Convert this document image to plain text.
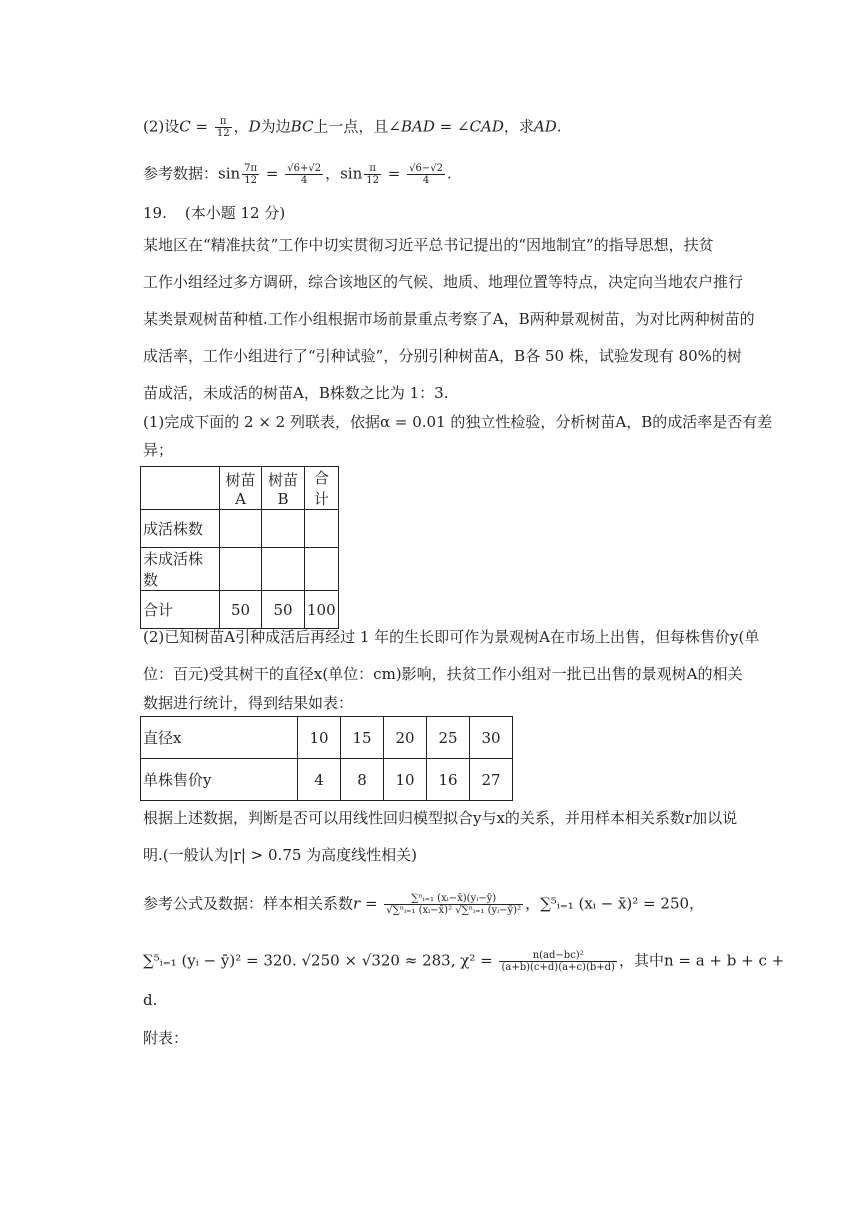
(2)设$C = \frac{\pi}{12}$ ，D为边BC上一点，且∠BAD = ∠CAD，求AD.
参考数据：$\sin \frac{7\pi}{12} = \frac{√6+√2}{4}$ ，$\sin \frac{\pi}{12} = \frac{√6-√2}{4}$ .
19. (本小题 12 分)
某地区在“精准扶贫”工作中切实贯彻习近平总书记提出的“因地制宜”的指导思想，扶贫
工作小组经过多方调研，综合该地区的气候、地质、地理位置等特点，决定向当地农户推行
某类景观树苗种植.工作小组根据市场前景重点考察了A，B两种景观树苗，为对比两种树苗的
成活率，工作小组进行了“引种试验”，分别引种树苗A，B各 50 株，试验发现有 80%的树
苗成活，未成活的树苗A，B株数之比为 1：3.
(1)完成下面的 2 × 2 列联表，依据α = 0.01 的独立性检验，分析树苗A，B的成活率是否有差
异；
	树苗A	树苗B	合计
成活株数			
未成活株数			
合计	50	50	100
(2)已知树苗A引种成活后再经过 1 年的生长即可作为景观树A在市场上出售，但每株售价y(单
位：百元)受其树干的直径x(单位：cm)影响，扶贫工作小组对一批已出售的景观树A的相关
数据进行统计，得到结果如表：
直径x	10	15	20	25	30
单株售价y	4	8	10	16	27
根据上述数据，判断是否可以用线性回归模型拟合y与x的关系，并用样本相关系数r加以说
明.(一般认为|r| > 0.75 为高度线性相关)
参考公式及数据：样本相关系数$r = \frac{\text{∑ⁿᵢ₌₁ (xᵢ−x̄)(yᵢ−ȳ)}}{\text{√∑ⁿᵢ₌₁ (xᵢ−x̄)² √∑ⁿᵢ₌₁ (yᵢ−ȳ)²}}$ ，∑⁵ᵢ₌₁ (xᵢ − x̄)² = 250，
∑⁵ᵢ₌₁ (yᵢ − ȳ)² = 320. √250 × √320 ≈ 283, $\chi^2 = \frac{\text{n(ad−bc)²}}{(a+b)(c+d)(a+c)(b+d)}$ ，其中n = a + b + c +
d.
附表：
